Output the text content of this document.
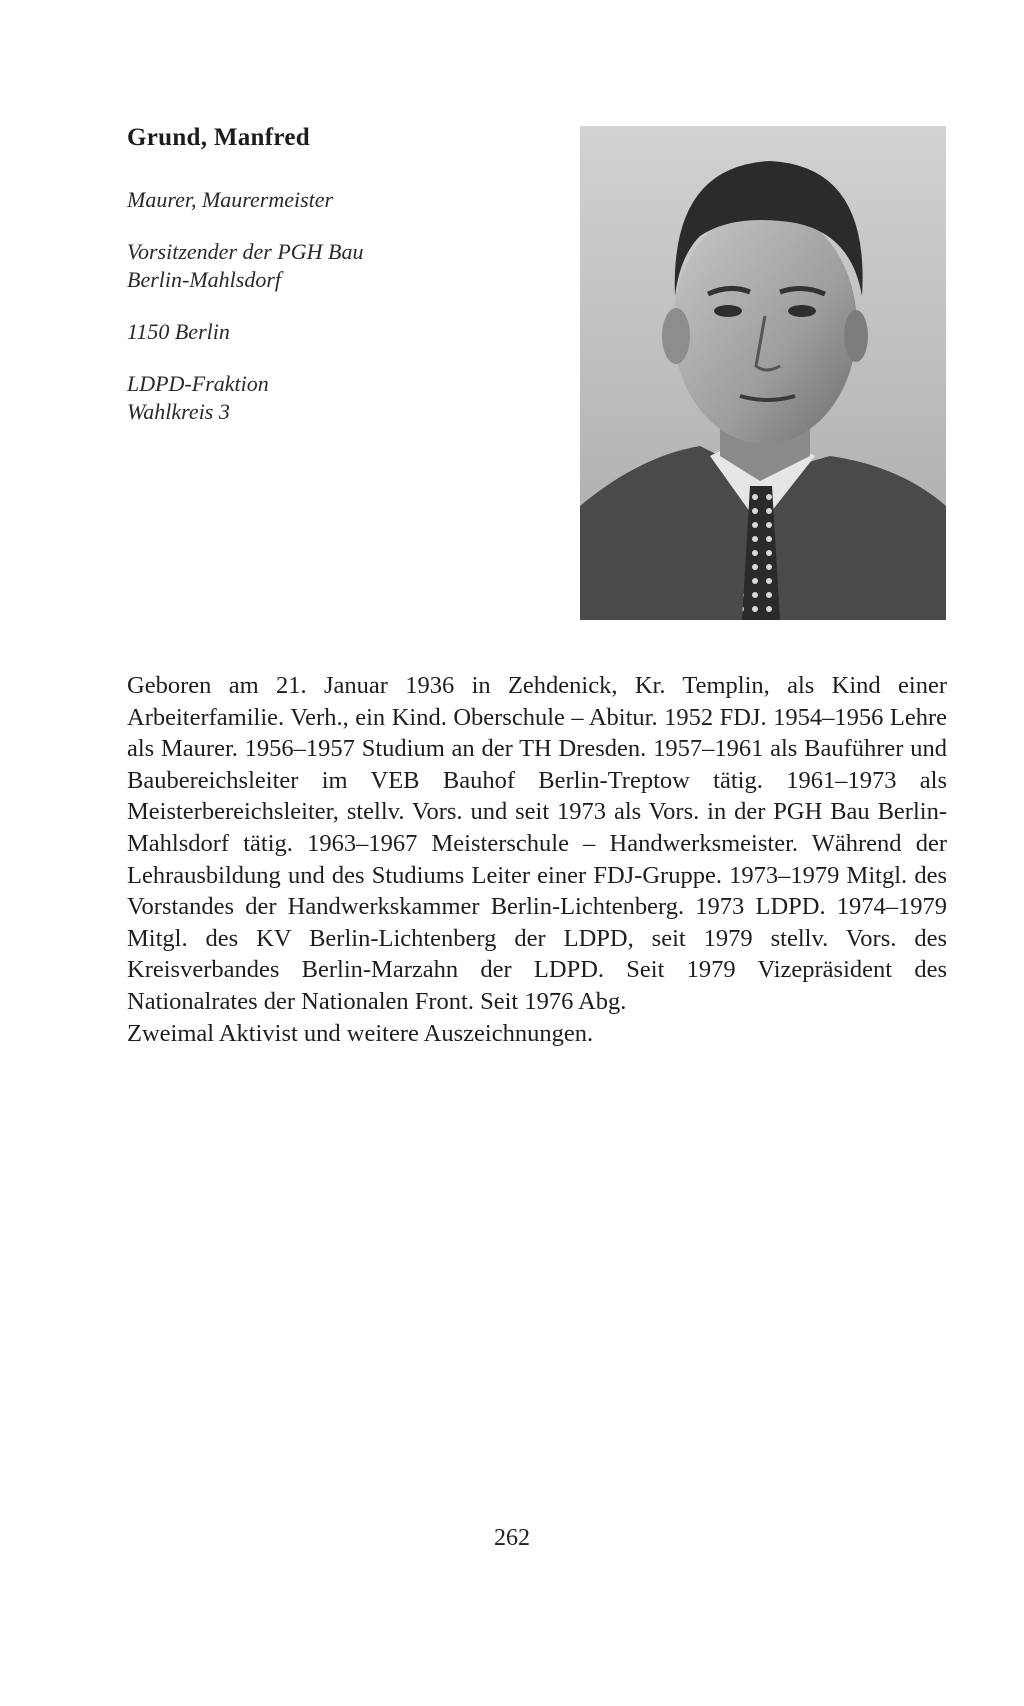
Grund, Manfred
Maurer, Maurermeister
Vorsitzender der PGH Bau
Berlin-Mahlsdorf
1150 Berlin
LDPD-Fraktion
Wahlkreis 3

Geboren am 21. Januar 1936 in Zehdenick, Kr. Templin, als Kind einer Arbeiterfamilie. Verh., ein Kind. Oberschule – Abitur. 1952 FDJ. 1954–1956 Lehre als Maurer. 1956–1957 Studium an der TH Dresden. 1957–1961 als Bauführer und Baubereichsleiter im VEB Bauhof Berlin-Treptow tätig. 1961–1973 als Meisterbereichsleiter, stellv. Vors. und seit 1973 als Vors. in der PGH Bau Berlin-Mahlsdorf tätig. 1963–1967 Meisterschule – Handwerksmeister. Während der Lehrausbildung und des Studiums Leiter einer FDJ-Gruppe. 1973–1979 Mitgl. des Vorstandes der Handwerkskammer Berlin-Lichtenberg. 1973 LDPD. 1974–1979 Mitgl. des KV Berlin-Lichtenberg der LDPD, seit 1979 stellv. Vors. des Kreisverbandes Berlin-Marzahn der LDPD. Seit 1979 Vizepräsident des Nationalrates der Nationalen Front. Seit 1976 Abg.

Zweimal Aktivist und weitere Auszeichnungen.

262
